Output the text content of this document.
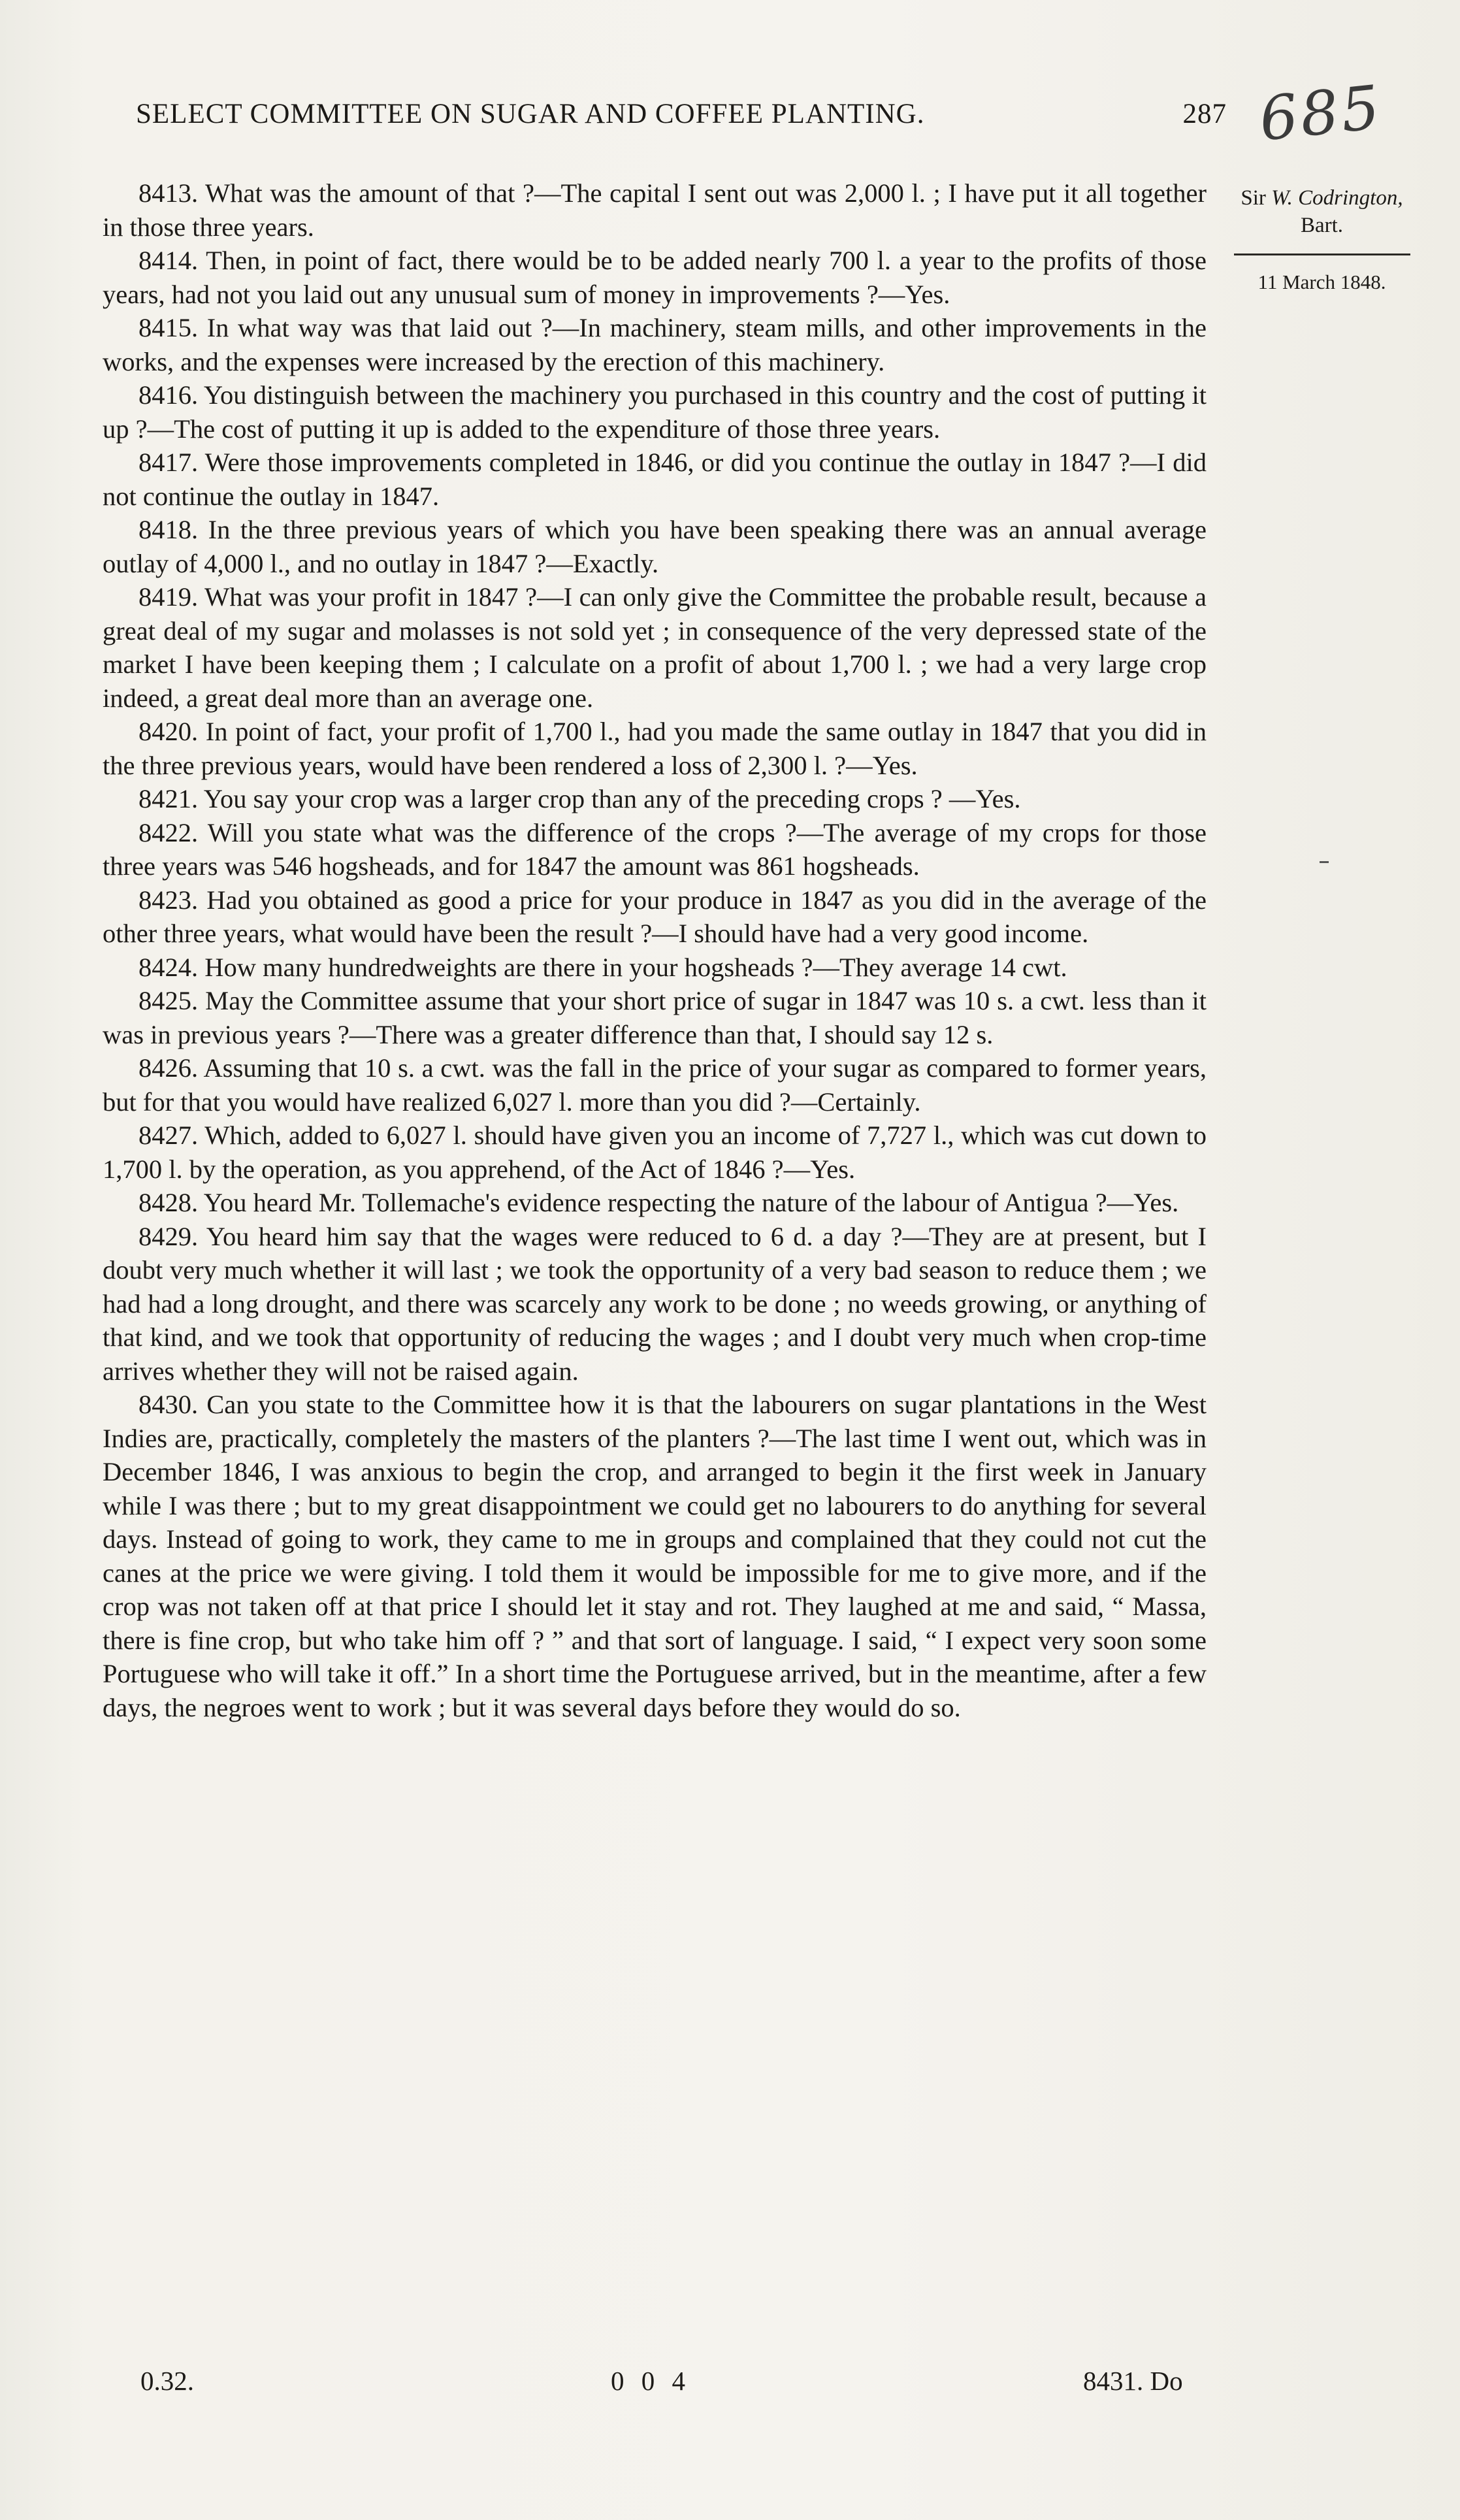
SELECT COMMITTEE ON SUGAR AND COFFEE PLANTING.	287 685
Sir W. Codrington,
Bart.
11 March 1848.

8413. What was the amount of that ?—The capital I sent out was 2,000 l. ; I have put it all together in those three years.

8414. Then, in point of fact, there would be to be added nearly 700 l. a year to the profits of those years, had not you laid out any unusual sum of money in improvements ?—Yes.

8415. In what way was that laid out ?—In machinery, steam mills, and other improvements in the works, and the expenses were increased by the erection of this machinery.

8416. You distinguish between the machinery you purchased in this country and the cost of putting it up ?—The cost of putting it up is added to the expenditure of those three years.

8417. Were those improvements completed in 1846, or did you continue the outlay in 1847 ?—I did not continue the outlay in 1847.

8418. In the three previous years of which you have been speaking there was an annual average outlay of 4,000 l., and no outlay in 1847 ?—Exactly.

8419. What was your profit in 1847 ?—I can only give the Committee the probable result, because a great deal of my sugar and molasses is not sold yet ; in consequence of the very depressed state of the market I have been keeping them ; I calculate on a profit of about 1,700 l. ; we had a very large crop indeed, a great deal more than an average one.

8420. In point of fact, your profit of 1,700 l., had you made the same outlay in 1847 that you did in the three previous years, would have been rendered a loss of 2,300 l. ?—Yes.

8421. You say your crop was a larger crop than any of the preceding crops ? —Yes.

8422. Will you state what was the difference of the crops ?—The average of my crops for those three years was 546 hogsheads, and for 1847 the amount was 861 hogsheads.

8423. Had you obtained as good a price for your produce in 1847 as you did in the average of the other three years, what would have been the result ?—I should have had a very good income.

8424. How many hundredweights are there in your hogsheads ?—They average 14 cwt.

8425. May the Committee assume that your short price of sugar in 1847 was 10 s. a cwt. less than it was in previous years ?—There was a greater difference than that, I should say 12 s.

8426. Assuming that 10 s. a cwt. was the fall in the price of your sugar as compared to former years, but for that you would have realized 6,027 l. more than you did ?—Certainly.

8427. Which, added to 6,027 l. should have given you an income of 7,727 l., which was cut down to 1,700 l. by the operation, as you apprehend, of the Act of 1846 ?—Yes.

8428. You heard Mr. Tollemache's evidence respecting the nature of the labour of Antigua ?—Yes.

8429. You heard him say that the wages were reduced to 6 d. a day ?—They are at present, but I doubt very much whether it will last ; we took the opportunity of a very bad season to reduce them ; we had had a long drought, and there was scarcely any work to be done ; no weeds growing, or anything of that kind, and we took that opportunity of reducing the wages ; and I doubt very much when crop-time arrives whether they will not be raised again.

8430. Can you state to the Committee how it is that the labourers on sugar plantations in the West Indies are, practically, completely the masters of the planters ?—The last time I went out, which was in December 1846, I was anxious to begin the crop, and arranged to begin it the first week in January while I was there ; but to my great disappointment we could get no labourers to do anything for several days. Instead of going to work, they came to me in groups and complained that they could not cut the canes at the price we were giving. I told them it would be impossible for me to give more, and if the crop was not taken off at that price I should let it stay and rot. They laughed at me and said, “ Massa, there is fine crop, but who take him off ? ” and that sort of language. I said, “ I expect very soon some Portuguese who will take it off.” In a short time the Portuguese arrived, but in the meantime, after a few days, the negroes went to work ; but it was several days before they would do so.

0.32.	0 0 4	8431. Do
